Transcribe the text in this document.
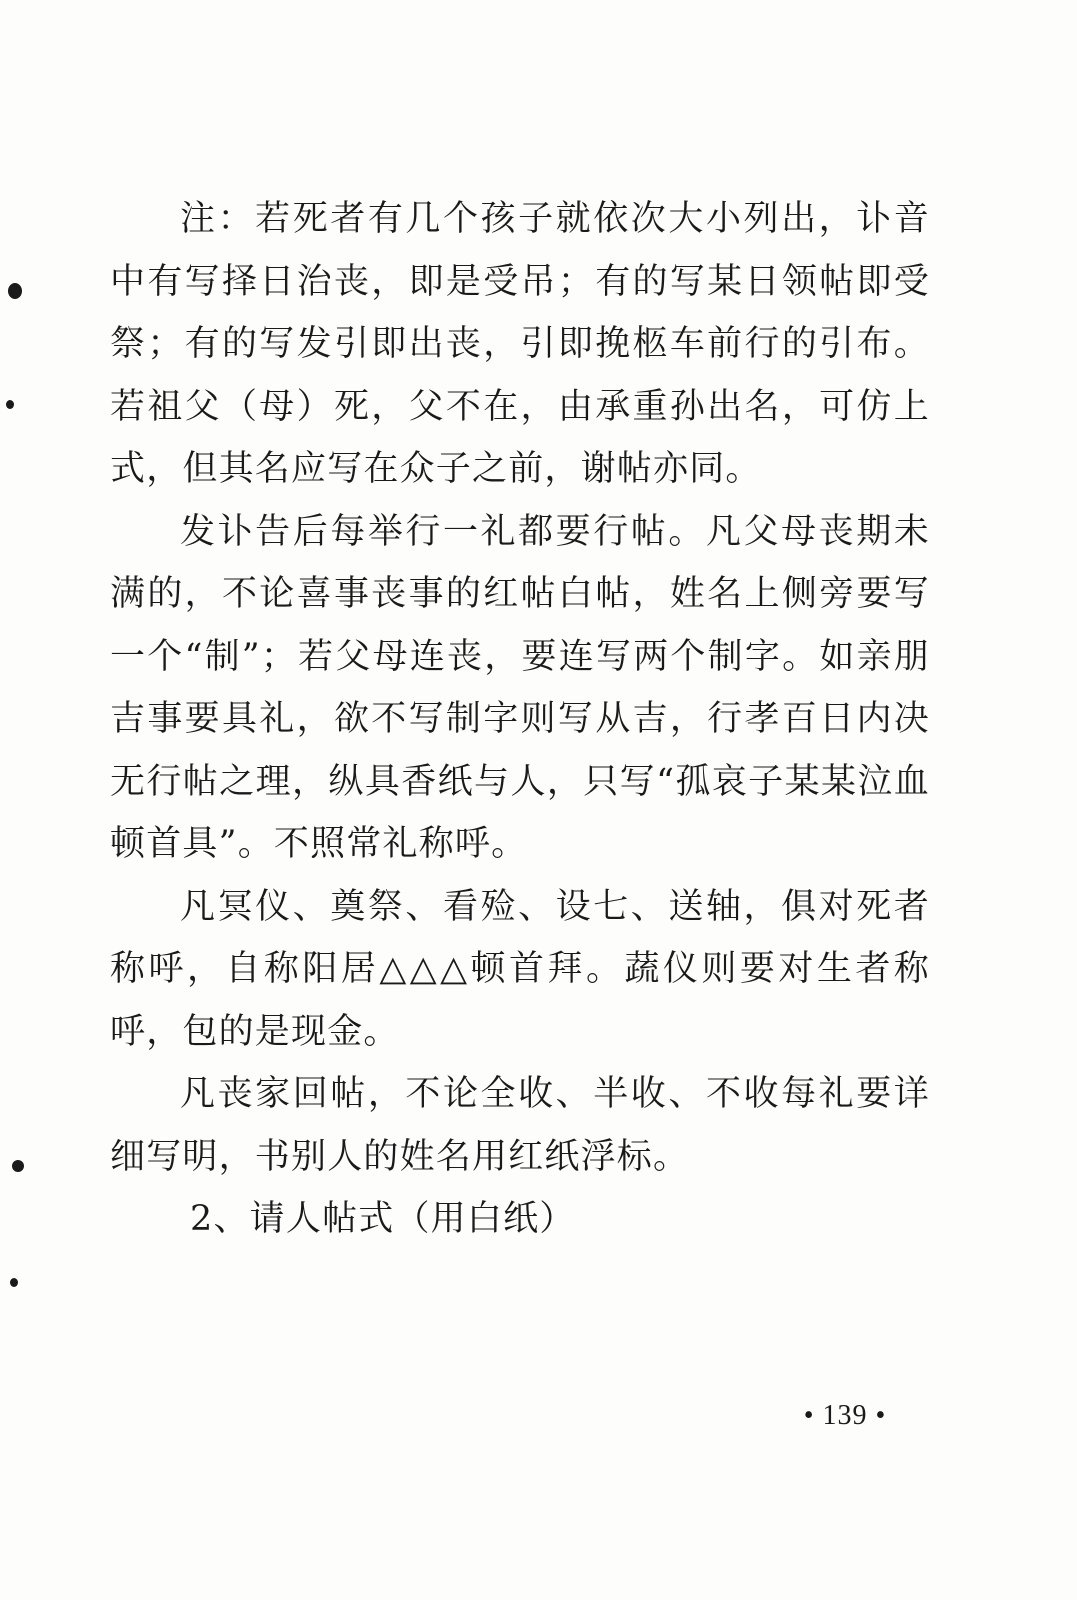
注：若死者有几个孩子就依次大小列出，讣音中有写择日治丧，即是受吊；有的写某日领帖即受祭；有的写发引即出丧，引即挽柩车前行的引布。若祖父（母）死，父不在，由承重孙出名，可仿上式，但其名应写在众子之前，谢帖亦同。

发讣告后每举行一礼都要行帖。凡父母丧期未满的，不论喜事丧事的红帖白帖，姓名上侧旁要写一个“制”；若父母连丧，要连写两个制字。如亲朋吉事要具礼，欲不写制字则写从吉，行孝百日内决无行帖之理，纵具香纸与人，只写“孤哀子某某泣血顿首具”。不照常礼称呼。

凡冥仪、奠祭、看殓、设七、送轴，俱对死者称呼，自称阳居△△△顿首拜。蔬仪则要对生者称呼，包的是现金。

凡丧家回帖，不论全收、半收、不收每礼要详细写明，书别人的姓名用红纸浮标。

2、请人帖式（用白纸）

• 139 •
